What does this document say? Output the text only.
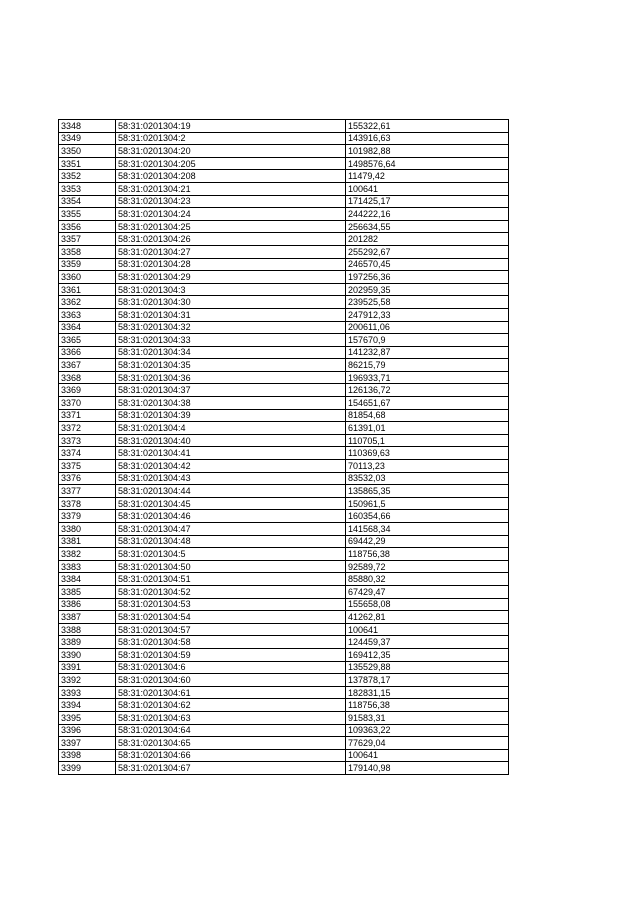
3348	58:31:0201304:19	155322,61
3349	58:31:0201304:2	143916,63
3350	58:31:0201304:20	101982,88
3351	58:31:0201304:205	1498576,64
3352	58:31:0201304:208	11479,42
3353	58:31:0201304:21	100641
3354	58:31:0201304:23	171425,17
3355	58:31:0201304:24	244222,16
3356	58:31:0201304:25	256634,55
3357	58:31:0201304:26	201282
3358	58:31:0201304:27	255292,67
3359	58:31:0201304:28	246570,45
3360	58:31:0201304:29	197256,36
3361	58:31:0201304:3	202959,35
3362	58:31:0201304:30	239525,58
3363	58:31:0201304:31	247912,33
3364	58:31:0201304:32	200611,06
3365	58:31:0201304:33	157670,9
3366	58:31:0201304:34	141232,87
3367	58:31:0201304:35	86215,79
3368	58:31:0201304:36	196933,71
3369	58:31:0201304:37	126136,72
3370	58:31:0201304:38	154651,67
3371	58:31:0201304:39	81854,68
3372	58:31:0201304:4	61391,01
3373	58:31:0201304:40	110705,1
3374	58:31:0201304:41	110369,63
3375	58:31:0201304:42	70113,23
3376	58:31:0201304:43	83532,03
3377	58:31:0201304:44	135865,35
3378	58:31:0201304:45	150961,5
3379	58:31:0201304:46	160354,66
3380	58:31:0201304:47	141568,34
3381	58:31:0201304:48	69442,29
3382	58:31:0201304:5	118756,38
3383	58:31:0201304:50	92589,72
3384	58:31:0201304:51	85880,32
3385	58:31:0201304:52	67429,47
3386	58:31:0201304:53	155658,08
3387	58:31:0201304:54	41262,81
3388	58:31:0201304:57	100641
3389	58:31:0201304:58	124459,37
3390	58:31:0201304:59	169412,35
3391	58:31:0201304:6	135529,88
3392	58:31:0201304:60	137878,17
3393	58:31:0201304:61	182831,15
3394	58:31:0201304:62	118756,38
3395	58:31:0201304:63	91583,31
3396	58:31:0201304:64	109363,22
3397	58:31:0201304:65	77629,04
3398	58:31:0201304:66	100641
3399	58:31:0201304:67	179140,98
